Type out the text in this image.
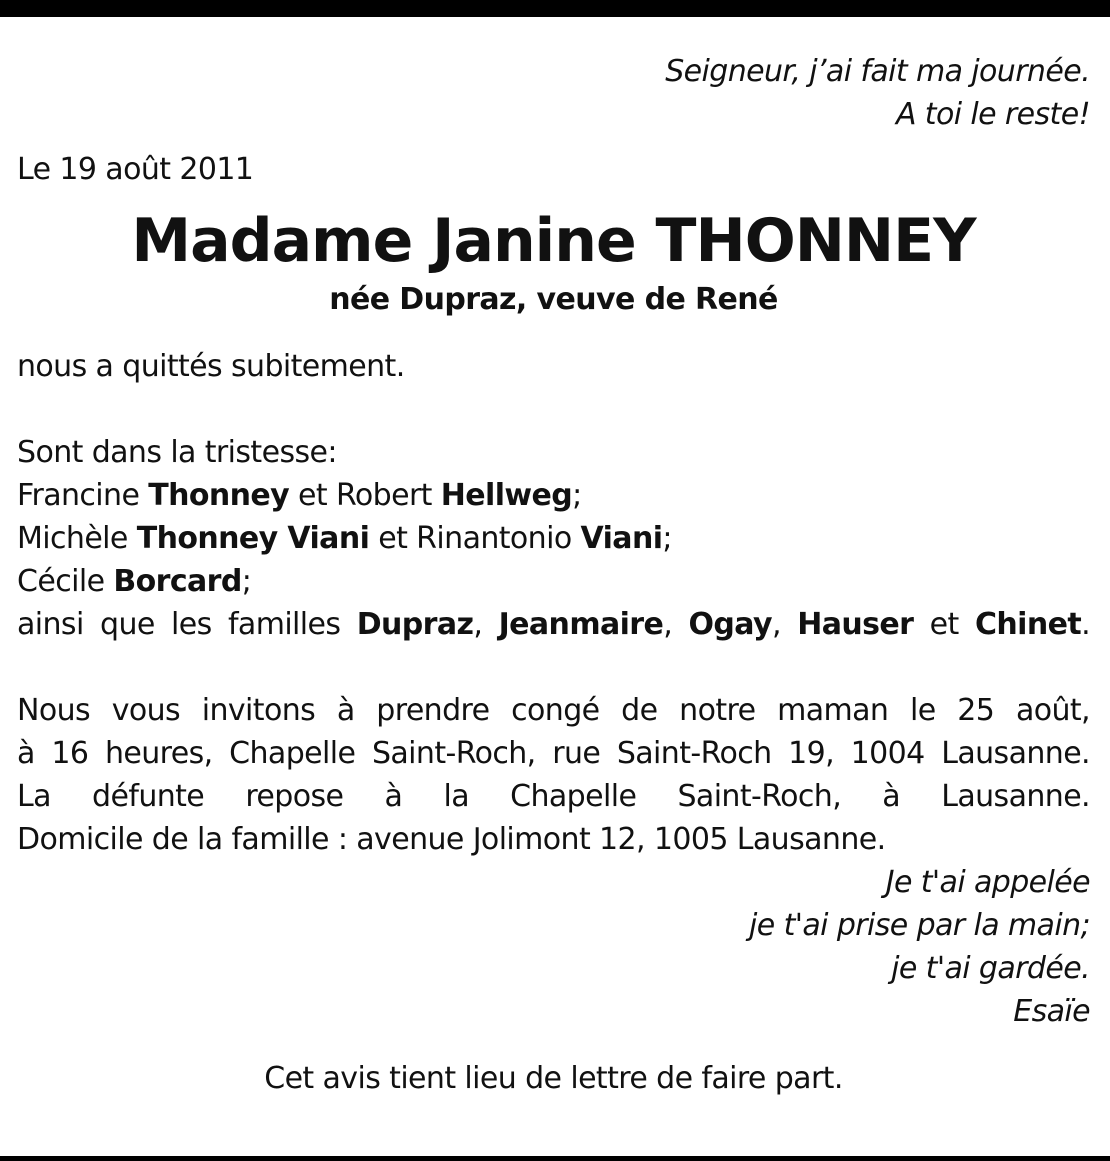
Seigneur, j’ai fait ma journée.
A toi le reste!

Le 19 août 2011

Madame Janine THONNEY

née Dupraz, veuve de René

nous a quittés subitement.

Sont dans la tristesse:
Francine Thonney et Robert Hellweg;
Michèle Thonney Viani et Rinantonio Viani;
Cécile Borcard;
ainsi que les familles Dupraz, Jeanmaire, Ogay, Hauser et Chinet.
Nous vous invitons à prendre congé de notre maman le 25 août,
à 16 heures, Chapelle Saint-Roch, rue Saint-Roch 19, 1004 Lausanne.
La défunte repose à la Chapelle Saint-Roch, à Lausanne.
Domicile de la famille : avenue Jolimont 12, 1005 Lausanne.

Je t'ai appelée
je t'ai prise par la main;
je t'ai gardée.
Esaïe

Cet avis tient lieu de lettre de faire part.
